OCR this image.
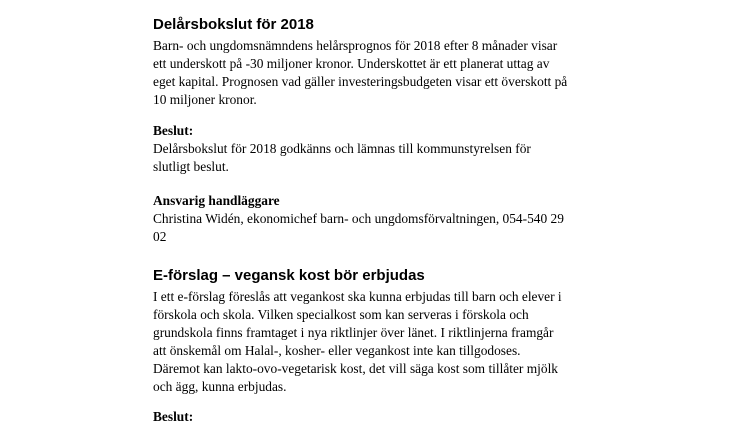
Delårsbokslut för 2018

Barn- och ungdomsnämndens helårsprognos för 2018 efter 8 månader visar

ett underskott på -30 miljoner kronor. Underskottet är ett planerat uttag av

eget kapital. Prognosen vad gäller investeringsbudgeten visar ett överskott på

10 miljoner kronor.

Beslut:

Delårsbokslut för 2018 godkänns och lämnas till kommunstyrelsen för

slutligt beslut.

Ansvarig handläggare

Christina Widén, ekonomichef barn- och ungdomsförvaltningen, 054-540 29

02

E-förslag – vegansk kost bör erbjudas

I ett e-förslag föreslås att vegankost ska kunna erbjudas till barn och elever i

förskola och skola. Vilken specialkost som kan serveras i förskola och

grundskola finns framtaget i nya riktlinjer över länet. I riktlinjerna framgår

att önskemål om Halal-, kosher- eller vegankost inte kan tillgodoses.

Däremot kan lakto-ovo-vegetarisk kost, det vill säga kost som tillåter mjölk

och ägg, kunna erbjudas.

Beslut:
